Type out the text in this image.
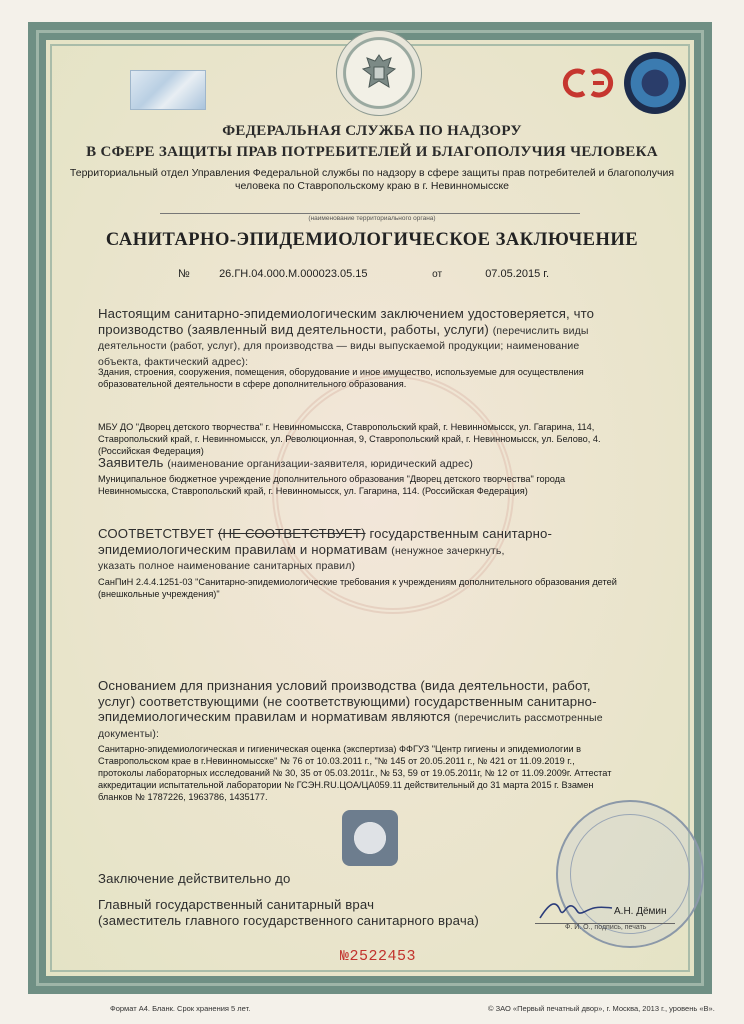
ФЕДЕРАЛЬНАЯ СЛУЖБА ПО НАДЗОРУ
В СФЕРЕ ЗАЩИТЫ ПРАВ ПОТРЕБИТЕЛЕЙ И БЛАГОПОЛУЧИЯ ЧЕЛОВЕКА
Территориальный отдел Управления Федеральной службы по надзору в сфере защиты прав потребителей и благополучия
человека по Ставропольскому краю в г. Невинномысске
(наименование территориального органа)
САНИТАРНО-ЭПИДЕМИОЛОГИЧЕСКОЕ ЗАКЛЮЧЕНИЕ
№	26.ГН.04.000.М.000023.05.15	от	07.05.2015 г.
Настоящим санитарно-эпидемиологическим заключением удостоверяется, что
производство (заявленный вид деятельности, работы, услуги) (перечислить виды
деятельности (работ, услуг), для производства — виды выпускаемой продукции; наименование
объекта, фактический адрес):
Здания, строения, сооружения, помещения, оборудование и иное имущество, используемые для осуществления
образовательной деятельности в сфере дополнительного образования.
МБУ ДО "Дворец детского творчества" г. Невинномысска, Ставропольский край, г. Невинномысск, ул. Гагарина, 114,
Ставропольский край, г. Невинномысск, ул. Революционная, 9, Ставропольский край, г. Невинномысск, ул. Белово, 4.
(Российская Федерация)
Заявитель (наименование организации-заявителя, юридический адрес)
Муниципальное бюджетное учреждение дополнительного образования "Дворец детского творчества" города
Невинномысска, Ставропольский край, г. Невинномысск, ул. Гагарина, 114. (Российская Федерация)
СООТВЕТСТВУЕТ (НЕ СООТВЕТСТВУЕТ) государственным санитарно-
эпидемиологическим правилам и нормативам (ненужное зачеркнуть,
указать полное наименование санитарных правил)
СанПиН 2.4.4.1251-03 "Санитарно-эпидемиологические требования к учреждениям дополнительного образования детей
(внешкольные учреждения)"
Основанием для признания условий производства (вида деятельности, работ,
услуг) соответствующими (не соответствующими) государственным санитарно-
эпидемиологическим правилам и нормативам являются (перечислить рассмотренные
документы):
Санитарно-эпидемиологическая и гигиеническая оценка (экспертиза) ФФГУЗ "Центр гигиены и эпидемиологии в
Ставропольском крае в г.Невинномысске" № 76 от 10.03.2011 г., "№ 145 от 20.05.2011 г., № 421 от 11.09.2019 г.,
протоколы лабораторных исследований № 30, 35 от 05.03.2011г., № 53, 59 от 19.05.2011г, № 12 от 11.09.2009г. Аттестат
аккредитации испытательной лаборатории № ГСЭН.RU.ЦОА/ЦА059.11 действительный до 31 марта 2015 г. Взамен
бланков № 1787226, 1963786, 1435177.
Заключение действительно до
Главный государственный санитарный врач
(заместитель главного государственного санитарного врача)
А.Н. Дёмин
Ф. И. О., подпись, печать
№2522453
Формат А4. Бланк. Срок хранения 5 лет.	© ЗАО «Первый печатный двор», г. Москва, 2013 г., уровень «В».
